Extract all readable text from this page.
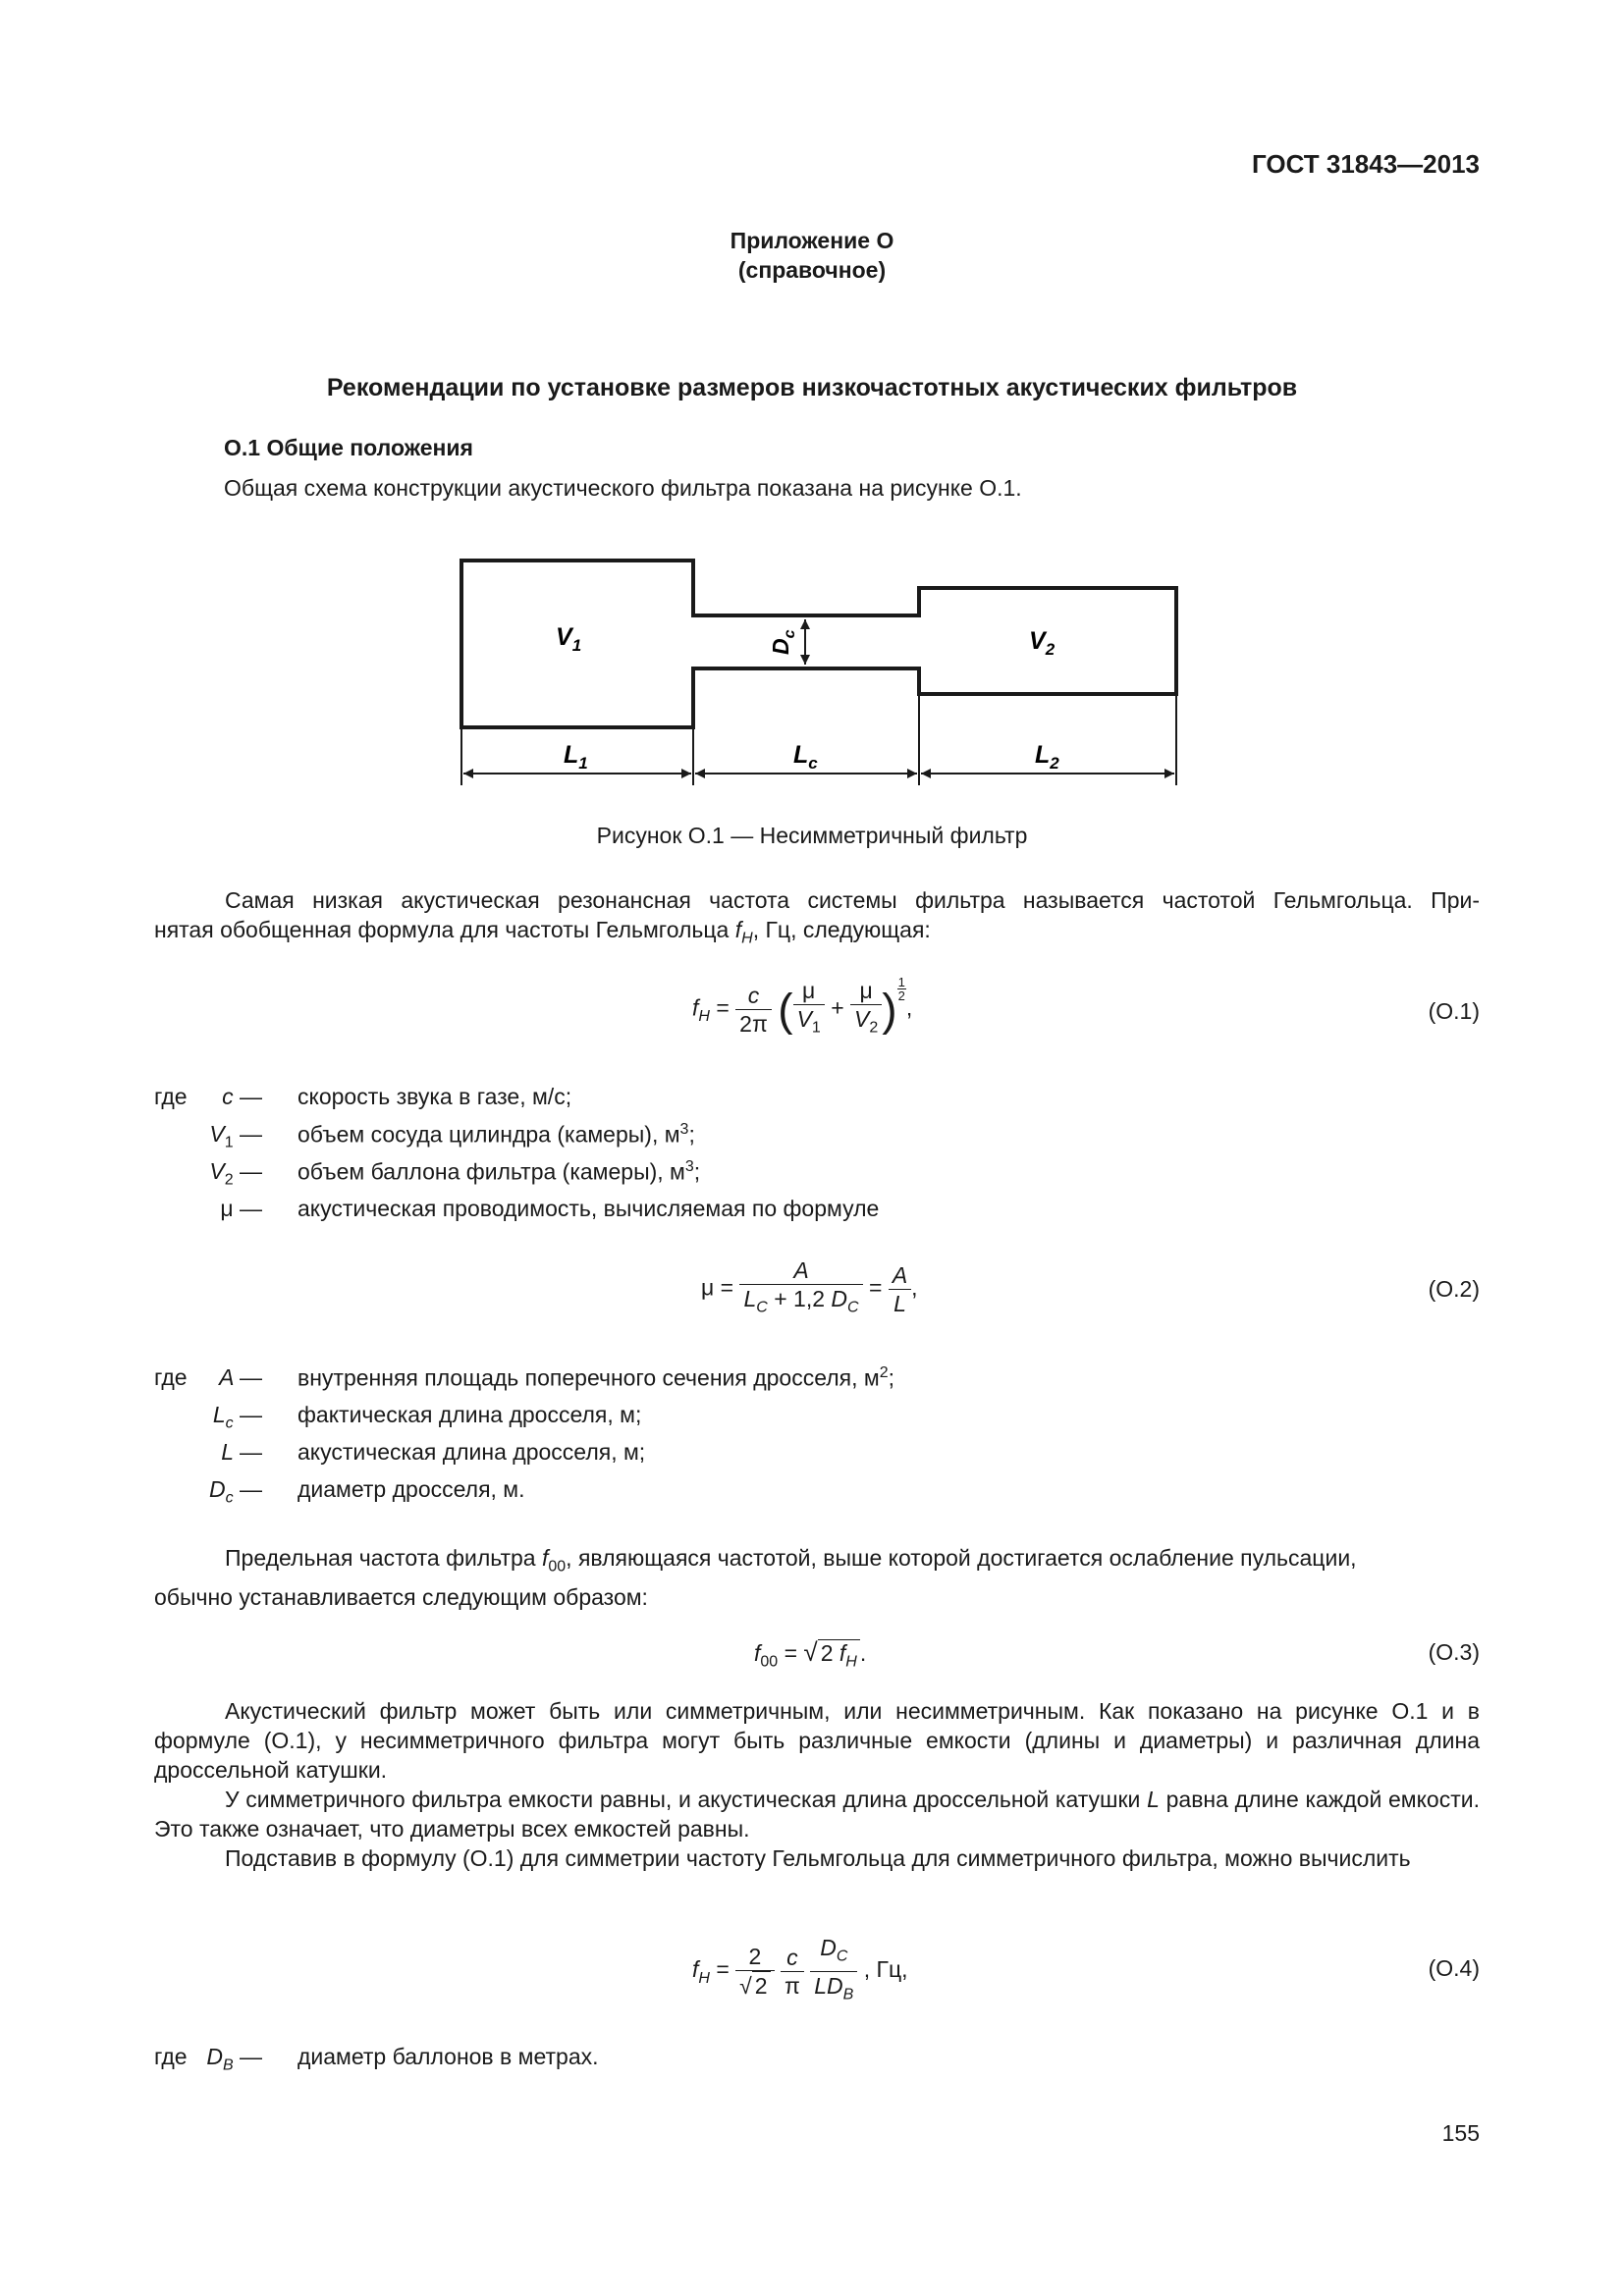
ГОСТ 31843—2013
Приложение О
(справочное)
Рекомендации по установке размеров низкочастотных акустических фильтров
О.1 Общие положения
Общая схема конструкции акустического фильтра показана на рисунке О.1.
$V_1$	$V_2$
$D_c$
$L_1$	$L_c$	$L_2$
Рисунок О.1 — Несимметричный фильтр
Самая низкая акустическая резонансная частота системы фильтра называется частотой Гельмгольца. При-
нятая обобщенная формула для частоты Гельмгольца $f_H$, Гц, следующая:
$f_H = \frac{c}{2\pi}$ ( $\frac{\mu}{V_1} + \frac{\mu}{V_2}$ ) $^{\frac{1}{2}}$
,	(О.1)
где	c — скорость звука в газе, м/с;
$V_1$ — объем сосуда цилиндра (камеры), $м^3$;
$V_2$ — объем баллона фильтра (камеры), $м^3$;
μ — акустическая проводимость, вычисляемая по формуле
$\mu = \frac{A}{L_C + 1,2 D_C} = \frac{A}{L}$ ,	(О.2)
где	A — внутренняя площадь поперечного сечения дросселя, $м^2$;
$L_c$ — фактическая длина дросселя, м;
L — акустическая длина дросселя, м;
$D_c$ — диаметр дросселя, м.
Предельная частота фильтра $f_{00}$, являющаяся частотой, выше которой достигается ослабление пульсации,
обычно устанавливается следующим образом:
$f_{00}$ = √ 2 $f_H$ .	(О.3)
Акустический фильтр может быть или симметричным, или несимметричным. Как показано на рисунке О.1 и в формуле (О.1), у несимметричного фильтра могут быть различные емкости (длины и диаметры) и различная длина дроссельной катушки.
У симметричного фильтра емкости равны, и акустическая длина дроссельной катушки L равна длине каждой емкости. Это также означает, что диаметры всех емкостей равны.
Подставив в формулу (О.1) для симметрии частоту Гельмгольца для симметричного фильтра, можно вычислить
$f_H = \frac{2}{√ 2}$
$\frac{c}{\pi}$
$\frac{D_C}{LD_B}$ , Гц,	(О.4)
где $D_B$ — диаметр баллонов в метрах.
155
